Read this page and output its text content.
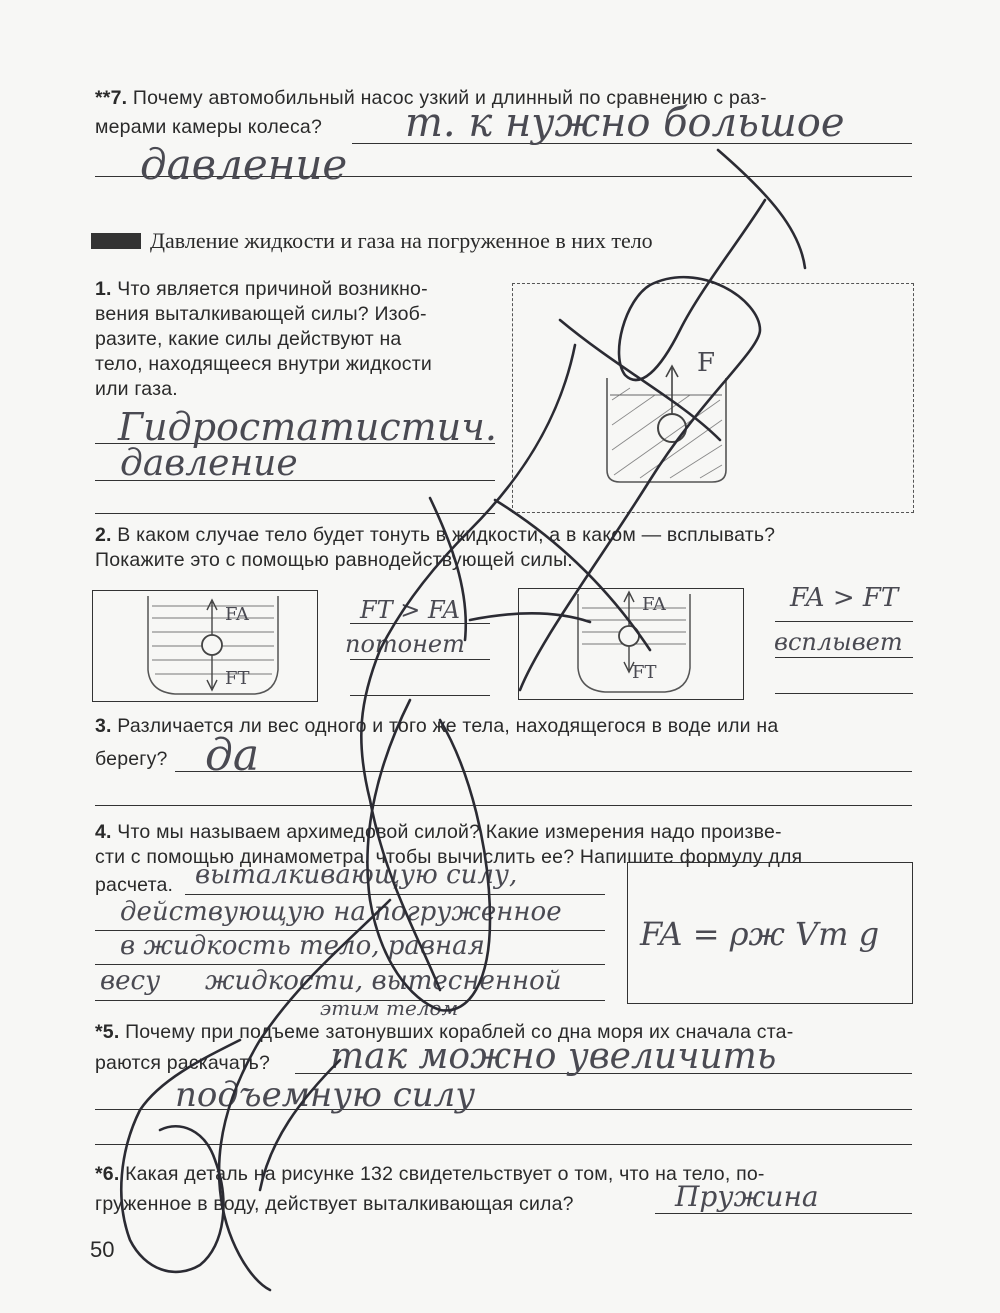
**7. Почему автомобильный насос узкий и длинный по сравнению с раз-
мерами камеры колеса? т. к нужно большое
давление
Давление жидкости и газа на погруженное в них тело
1. Что является причиной возникно-
вения выталкивающей силы? Изоб-
разите, какие силы действуют на
тело, находящееся внутри жидкости
или газа.
Гидростатистич.
давление
F
2. В каком случае тело будет тонуть в жидкости, а в каком — всплывать?
Покажите это с помощью равнодействующей силы.
FA
FT
FA
FT
FT > FA
потонет
FA > FT
всплывет
3. Различается ли вес одного и того же тела, находящегося в воде или на
берегу? да
4. Что мы называем архимедовой силой? Какие измерения надо произве-
сти с помощью динамометра, чтобы вычислить ее? Напишите формулу для
расчета. выталкивающую силу,
действующую на погруженное
в жидкость тело, равная
весу жидкости, вытесненной
этим телом
FA = ρж Vт g
*5. Почему при подъеме затонувших кораблей со дна моря их сначала ста-
раются раскачать? так можно увеличить
подъемную силу
*6. Какая деталь на рисунке 132 свидетельствует о том, что на тело, по-
груженное в воду, действует выталкивающая сила?	Пружина
50
